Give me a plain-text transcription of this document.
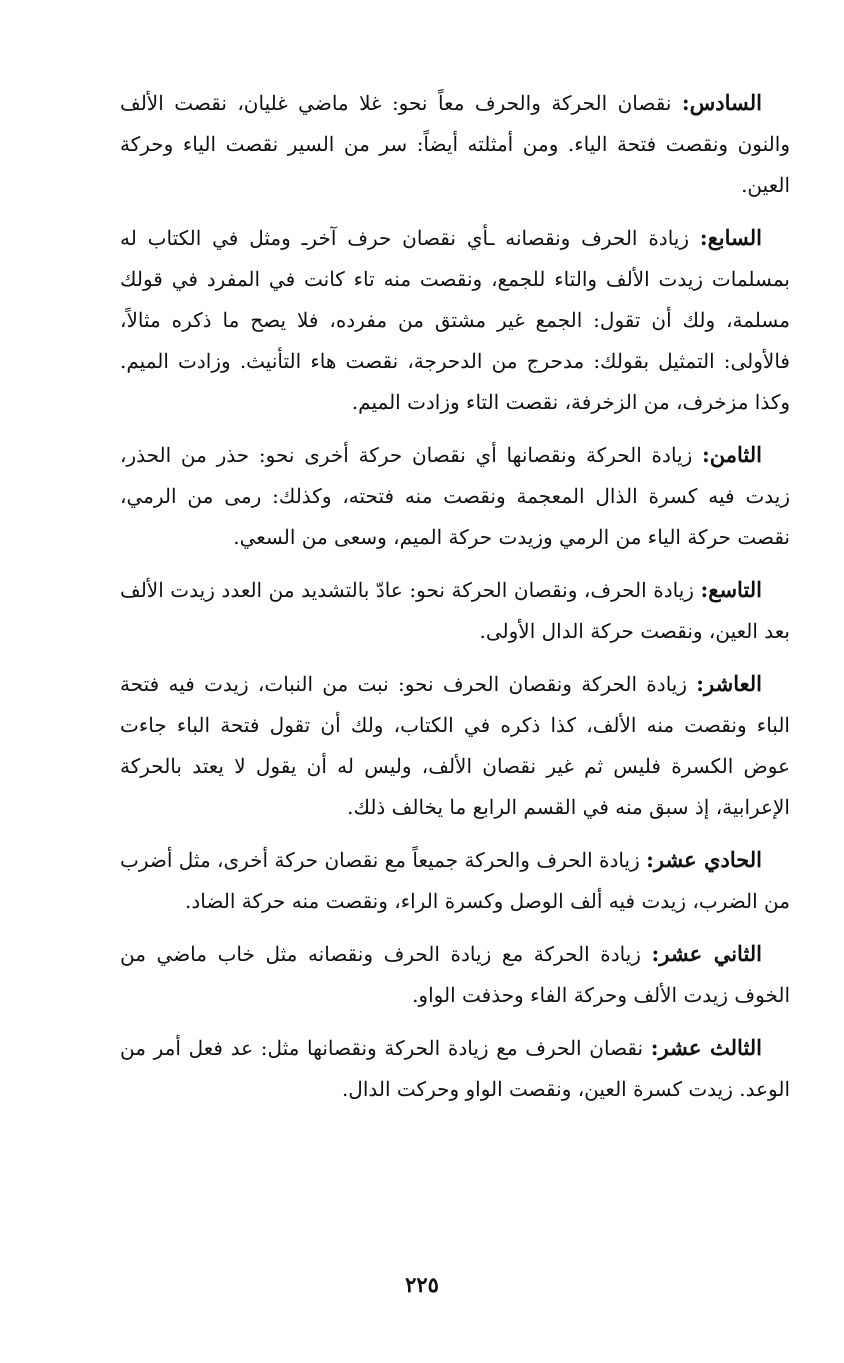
السادس: نقصان الحركة والحرف معاً نحو: غلا ماضي غليان، نقصت الألف والنون ونقصت فتحة الياء. ومن أمثلته أيضاً: سر من السير نقصت الياء وحركة العين.

السابع: زيادة الحرف ونقصانه ـأي نقصان حرف آخرـ ومثل في الكتاب له بمسلمات زيدت الألف والتاء للجمع، ونقصت منه تاء كانت في المفرد في قولك مسلمة، ولك أن تقول: الجمع غير مشتق من مفرده، فلا يصح ما ذكره مثالاً، فالأولى: التمثيل بقولك: مدحرج من الدحرجة، نقصت هاء التأنيث. وزادت الميم. وكذا مزخرف، من الزخرفة، نقصت التاء وزادت الميم.

الثامن: زيادة الحركة ونقصانها أي نقصان حركة أخرى نحو: حذر من الحذر، زيدت فيه كسرة الذال المعجمة ونقصت منه فتحته، وكذلك: رمى من الرمي، نقصت حركة الياء من الرمي وزيدت حركة الميم، وسعى من السعي.

التاسع: زيادة الحرف، ونقصان الحركة نحو: عادّ بالتشديد من العدد زيدت الألف بعد العين، ونقصت حركة الدال الأولى.

العاشر: زيادة الحركة ونقصان الحرف نحو: نبت من النبات، زيدت فيه فتحة الباء ونقصت منه الألف، كذا ذكره في الكتاب، ولك أن تقول فتحة الباء جاءت عوض الكسرة فليس ثم غير نقصان الألف، وليس له أن يقول لا يعتد بالحركة الإعرابية، إذ سبق منه في القسم الرابع ما يخالف ذلك.

الحادي عشر: زيادة الحرف والحركة جميعاً مع نقصان حركة أخرى، مثل أضرب من الضرب، زيدت فيه ألف الوصل وكسرة الراء، ونقصت منه حركة الضاد.

الثاني عشر: زيادة الحركة مع زيادة الحرف ونقصانه مثل خاب ماضي من الخوف زيدت الألف وحركة الفاء وحذفت الواو.

الثالث عشر: نقصان الحرف مع زيادة الحركة ونقصانها مثل: عد فعل أمر من الوعد. زيدت كسرة العين، ونقصت الواو وحركت الدال.

٢٢٥
